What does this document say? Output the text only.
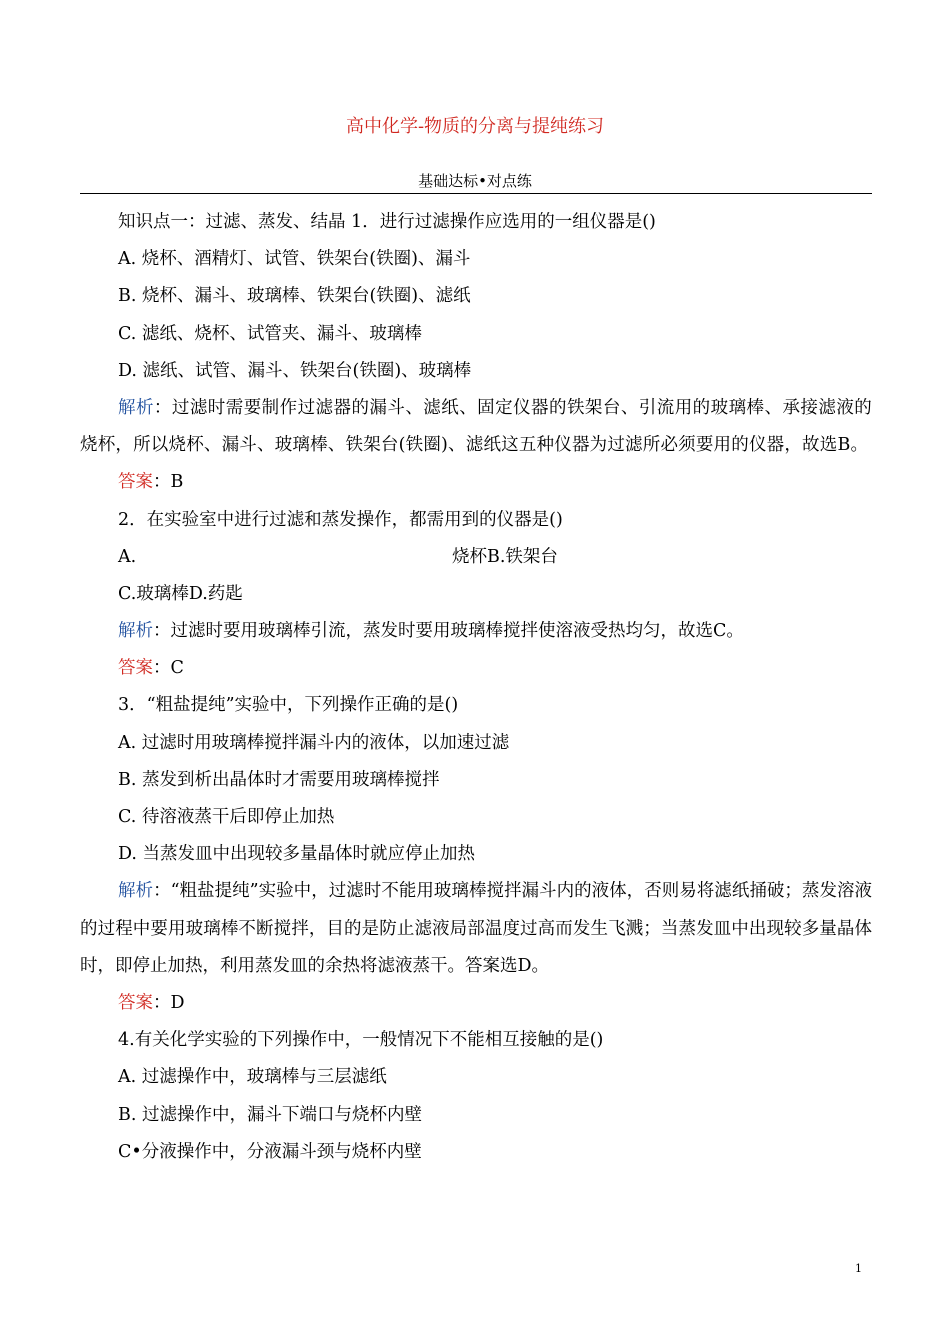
高中化学-物质的分离与提纯练习
基础达标•对点练
知识点一：过滤、蒸发、结晶 1．进行过滤操作应选用的一组仪器是()
A. 烧杯、酒精灯、试管、铁架台(铁圈)、漏斗
B. 烧杯、漏斗、玻璃棒、铁架台(铁圈)、滤纸
C. 滤纸、烧杯、试管夹、漏斗、玻璃棒
D. 滤纸、试管、漏斗、铁架台(铁圈)、玻璃棒
解析：过滤时需要制作过滤器的漏斗、滤纸、固定仪器的铁架台、引流用的玻璃棒、承接滤液的烧杯，所以烧杯、漏斗、玻璃棒、铁架台(铁圈)、滤纸这五种仪器为过滤所必须要用的仪器，故选B。
答案：B
2．在实验室中进行过滤和蒸发操作，都需用到的仪器是()
A.	烧杯B.铁架台
C.玻璃棒D.药匙
解析：过滤时要用玻璃棒引流，蒸发时要用玻璃棒搅拌使溶液受热均匀，故选C。
答案：C
3．“粗盐提纯”实验中，下列操作正确的是()
A. 过滤时用玻璃棒搅拌漏斗内的液体，以加速过滤
B. 蒸发到析出晶体时才需要用玻璃棒搅拌
C. 待溶液蒸干后即停止加热
D. 当蒸发皿中出现较多量晶体时就应停止加热
解析：“粗盐提纯”实验中，过滤时不能用玻璃棒搅拌漏斗内的液体，否则易将滤纸捅破；蒸发溶液的过程中要用玻璃棒不断搅拌，目的是防止滤液局部温度过高而发生飞溅；当蒸发皿中出现较多量晶体时，即停止加热，利用蒸发皿的余热将滤液蒸干。答案选D。
答案：D
4.有关化学实验的下列操作中，一般情况下不能相互接触的是()
A. 过滤操作中，玻璃棒与三层滤纸
B. 过滤操作中，漏斗下端口与烧杯内壁
C•分液操作中，分液漏斗颈与烧杯内壁
1
